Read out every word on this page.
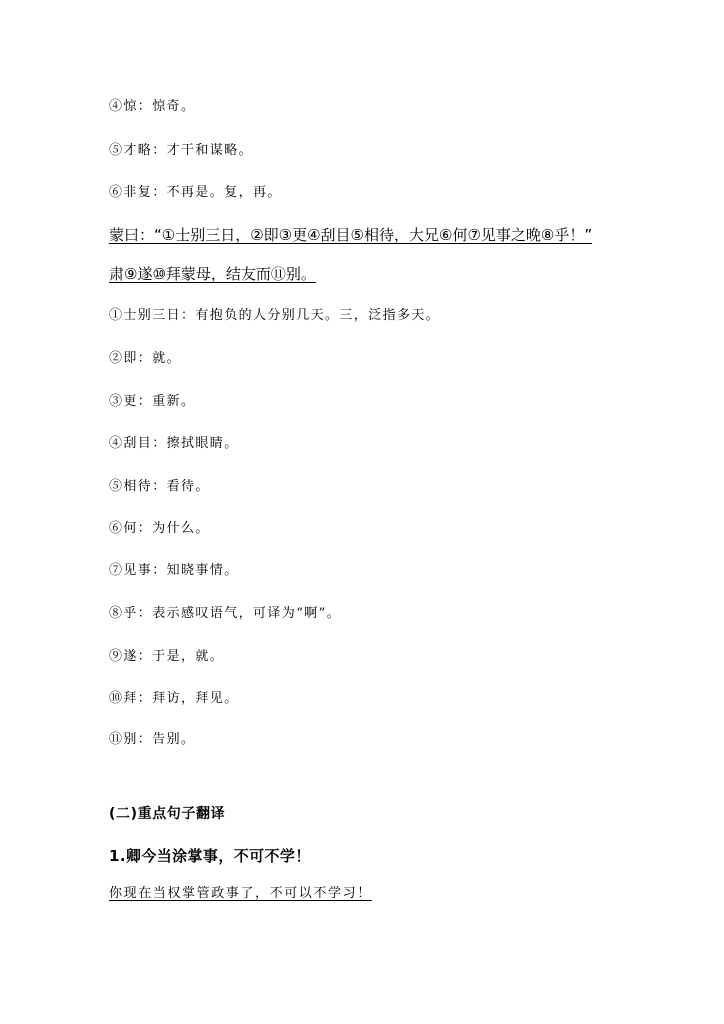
④惊：惊奇。
⑤才略：才干和谋略。
⑥非复：不再是。复，再。
蒙曰：“①士别三日，②即③更④刮目⑤相待，大兄⑥何⑦见事之晚⑧乎！”
肃⑨遂⑩拜蒙母，结友而⑪别。
①士别三日：有抱负的人分别几天。三，泛指多天。
②即：就。
③更：重新。
④刮目：擦拭眼睛。
⑤相待：看待。
⑥何：为什么。
⑦见事：知晓事情。
⑧乎：表示感叹语气，可译为“啊”。
⑨遂：于是，就。
⑩拜：拜访，拜见。
⑪别：告别。
(二)重点句子翻译
1.卿今当涂掌事，不可不学！
你现在当权掌管政事了，不可以不学习！
